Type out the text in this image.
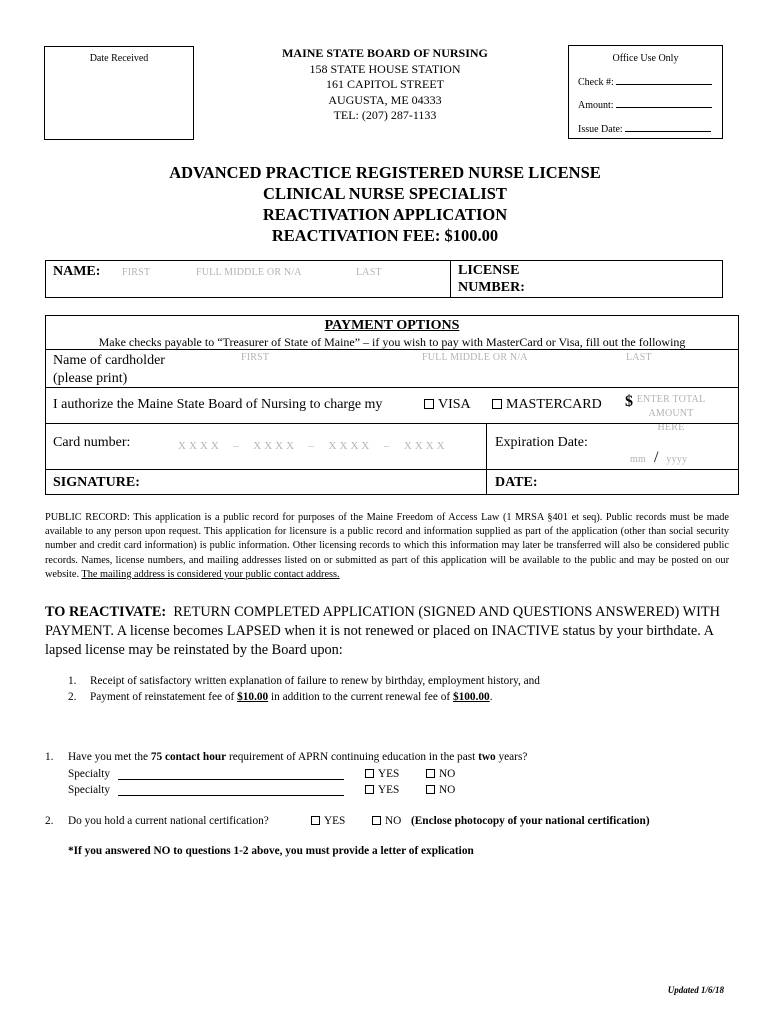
Date Received	MAINE STATE BOARD OF NURSING
158 STATE HOUSE STATION
161 CAPITOL STREET
AUGUSTA, ME 04333
TEL: (207) 287-1133
Office Use Only
Check #:
Amount:
Issue Date:
ADVANCED PRACTICE REGISTERED NURSE LICENSE
CLINICAL NURSE SPECIALIST
REACTIVATION APPLICATION
REACTIVATION FEE: $100.00
NAME: FIRST	FULL MIDDLE OR N/A	LAST	LICENSE
NUMBER:
PAYMENT OPTIONS
Make checks payable to “Treasurer of State of Maine” – if you wish to pay with MasterCard or Visa, fill out the following
Name of cardholder
(please print)
FIRST	FULL MIDDLE OR N/A	LAST
I authorize the Maine State Board of Nursing to charge my	VISA	MASTERCARD $ ENTER TOTAL
AMOUNT HERE
Card number:	XXXX  –  XXXX  –  XXXX  –  XXXX	Expiration Date:
mm / yyyy
SIGNATURE:	DATE:
PUBLIC RECORD: This application is a public record for purposes of the Maine Freedom of Access Law (1 MRSA §401 et seq). Public records must be made available to any person upon request. This application for licensure is a public record and information supplied as part of the application (other than social security number and credit card information) is public information. Other licensing records to which this information may later be transferred will also be considered public records. Names, license numbers, and mailing addresses listed on or submitted as part of this application will be available to the public and may be posted on our website. The mailing address is considered your public contact address.
TO REACTIVATE: RETURN COMPLETED APPLICATION (SIGNED AND QUESTIONS ANSWERED) WITH PAYMENT. A license becomes LAPSED when it is not renewed or placed on INACTIVE status by your birthdate. A lapsed license may be reinstated by the Board upon:
1. Receipt of satisfactory written explanation of failure to renew by birthday, employment history, and
2. Payment of reinstatement fee of $10.00 in addition to the current renewal fee of $100.00.
1. Have you met the 75 contact hour requirement of APRN continuing education in the past two years?
Specialty	YES	NO
Specialty	YES	NO
2. Do you hold a current national certification?	YES	NO (Enclose photocopy of your national certification)
*If you answered NO to questions 1-2 above, you must provide a letter of explication
Updated 1/6/18
